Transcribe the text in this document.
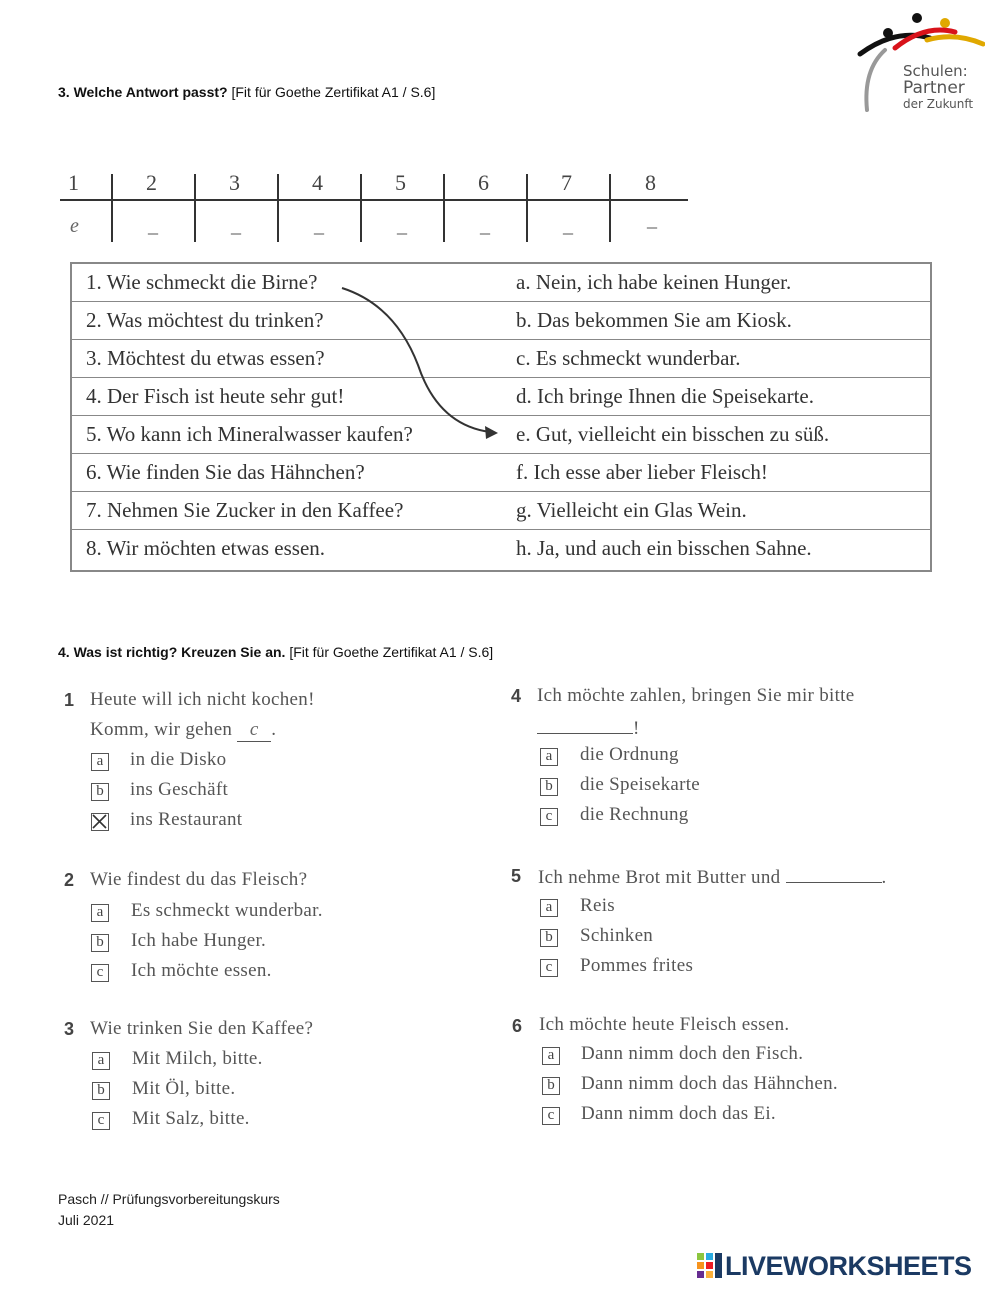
Schulen:
Partner
der Zukunft
3. Welche Antwort passt? [Fit für Goethe Zertifikat A1 / S.6]
1	2	3	4	5	6	7	8
e	_	_	_	_	_	_	_
1. Wie schmeckt die Birne?	a. Nein, ich habe keinen Hunger.
2. Was möchtest du trinken?	b. Das bekommen Sie am Kiosk.
3. Möchtest du etwas essen?	c. Es schmeckt wunderbar.
4. Der Fisch ist heute sehr gut!	d. Ich bringe Ihnen die Speisekarte.
5. Wo kann ich Mineralwasser kaufen?	e. Gut, vielleicht ein bisschen zu süß.
6. Wie finden Sie das Hähnchen?	f. Ich esse aber lieber Fleisch!
7. Nehmen Sie Zucker in den Kaffee?	g. Vielleicht ein Glas Wein.
8. Wir möchten etwas essen.	h. Ja, und auch ein bisschen Sahne.
4. Was ist richtig? Kreuzen Sie an. [Fit für Goethe Zertifikat A1 / S.6]
1 Heute will ich nicht kochen!
Komm, wir gehen c .
a in die Disko
b ins Geschäft
ins Restaurant
2 Wie findest du das Fleisch?
a Es schmeckt wunderbar.
b Ich habe Hunger.
c Ich möchte essen.
3 Wie trinken Sie den Kaffee?
a Mit Milch, bitte.
b Mit Öl, bitte.
c Mit Salz, bitte.
4 Ich möchte zahlen, bringen Sie mir bitte
!
a die Ordnung
b die Speisekarte
c die Rechnung
5 Ich nehme Brot mit Butter und	.
a Reis
b Schinken
c Pommes frites
6 Ich möchte heute Fleisch essen.
a Dann nimm doch den Fisch.
b Dann nimm doch das Hähnchen.
c Dann nimm doch das Ei.
Pasch // Prüfungsvorbereitungskurs
Juli 2021
LIVEWORKSHEETS
